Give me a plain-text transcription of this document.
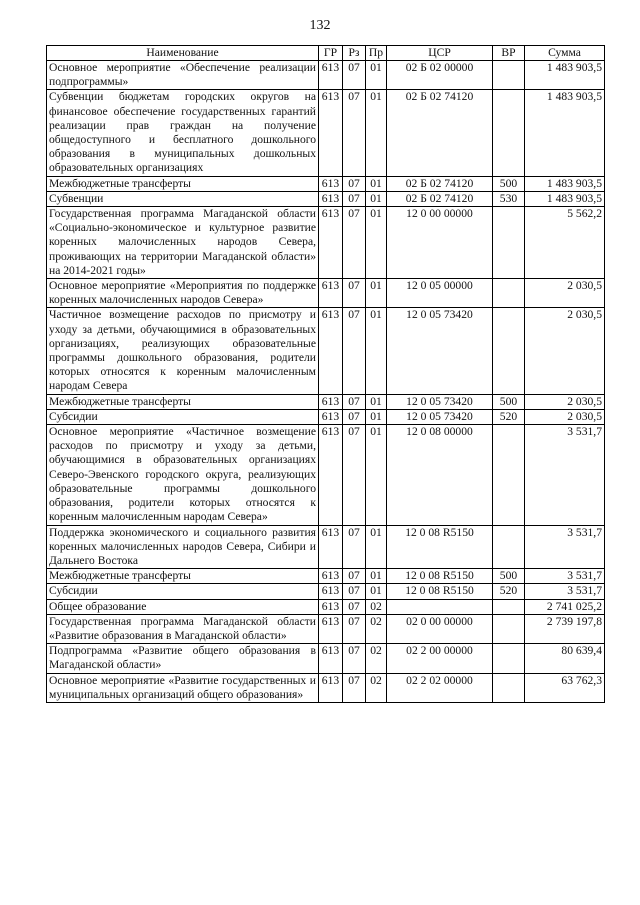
132
Наименование	ГР	Рз	Пр	ЦСР	ВР	Сумма
Основное мероприятие «Обеспечение реализации подпрограммы»	613	07	01	02 Б 02 00000		1 483 903,5
Субвенции бюджетам городских округов на финансовое обеспечение государственных гарантий реализации прав граждан на получение общедоступного и бесплатного дошкольного образования в муниципальных дошкольных образовательных организациях	613	07	01	02 Б 02 74120		1 483 903,5
Межбюджетные трансферты	613	07	01	02 Б 02 74120	500	1 483 903,5
Субвенции	613	07	01	02 Б 02 74120	530	1 483 903,5
Государственная программа Магаданской области «Социально-экономическое и культурное развитие коренных малочисленных народов Севера, проживающих на территории Магаданской области» на 2014-2021 годы»	613	07	01	12 0 00 00000		5 562,2
Основное мероприятие «Мероприятия по поддержке коренных малочисленных народов Севера»	613	07	01	12 0 05 00000		2 030,5
Частичное возмещение расходов по присмотру и уходу за детьми, обучающимися в образовательных организациях, реализующих образовательные программы дошкольного образования, родители которых относятся к коренным малочисленным народам Севера	613	07	01	12 0 05 73420		2 030,5
Межбюджетные трансферты	613	07	01	12 0 05 73420	500	2 030,5
Субсидии	613	07	01	12 0 05 73420	520	2 030,5
Основное мероприятие «Частичное возмещение расходов по присмотру и уходу за детьми, обучающимися в образовательных организациях Северо-Эвенского городского округа, реализующих образовательные программы дошкольного образования, родители которых относятся к коренным малочисленным народам Севера»	613	07	01	12 0 08 00000		3 531,7
Поддержка экономического и социального развития коренных малочисленных народов Севера, Сибири и Дальнего Востока	613	07	01	12 0 08 R5150		3 531,7
Межбюджетные трансферты	613	07	01	12 0 08 R5150	500	3 531,7
Субсидии	613	07	01	12 0 08 R5150	520	3 531,7
Общее образование	613	07	02			2 741 025,2
Государственная программа Магаданской области «Развитие образования в Магаданской области»	613	07	02	02 0 00 00000		2 739 197,8
Подпрограмма «Развитие общего образования в Магаданской области»	613	07	02	02 2 00 00000		80 639,4
Основное мероприятие «Развитие государственных и муниципальных организаций общего образования»	613	07	02	02 2 02 00000		63 762,3
